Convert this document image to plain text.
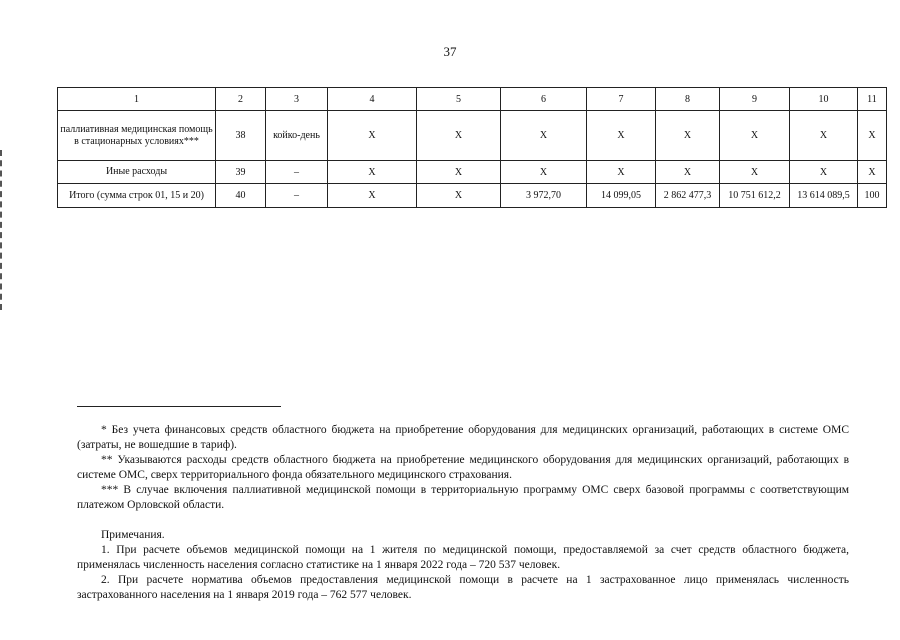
37
1	2	3	4	5	6	7	8	9	10	11
паллиативная медицинская помощь в стационарных условиях***	38	койко-день	X	X	X	X	X	X	X	X
Иные расходы	39	–	X	X	X	X	X	X	X	X
Итого (сумма строк 01, 15 и 20)	40	–	X	X	3 972,70	14 099,05	2 862 477,3	10 751 612,2	13 614 089,5	100

* Без учета финансовых средств областного бюджета на приобретение оборудования для медицинских организаций, работающих в системе ОМС (затраты, не вошедшие в тариф).

** Указываются расходы средств областного бюджета на приобретение медицинского оборудования для медицинских организаций, работающих в системе ОМС, сверх территориального фонда обязательного медицинского страхования.

*** В случае включения паллиативной медицинской помощи в территориальную программу ОМС сверх базовой программы с соответствующим платежом Орловской области.

Примечания.

1. При расчете объемов медицинской помощи на 1 жителя по медицинской помощи, предоставляемой за счет средств областного бюджета, применялась численность населения согласно статистике на 1 января 2022 года – 720 537 человек.

2. При расчете норматива объемов предоставления медицинской помощи в расчете на 1 застрахованное лицо применялась численность застрахованного населения на 1 января 2019 года – 762 577 человек.
